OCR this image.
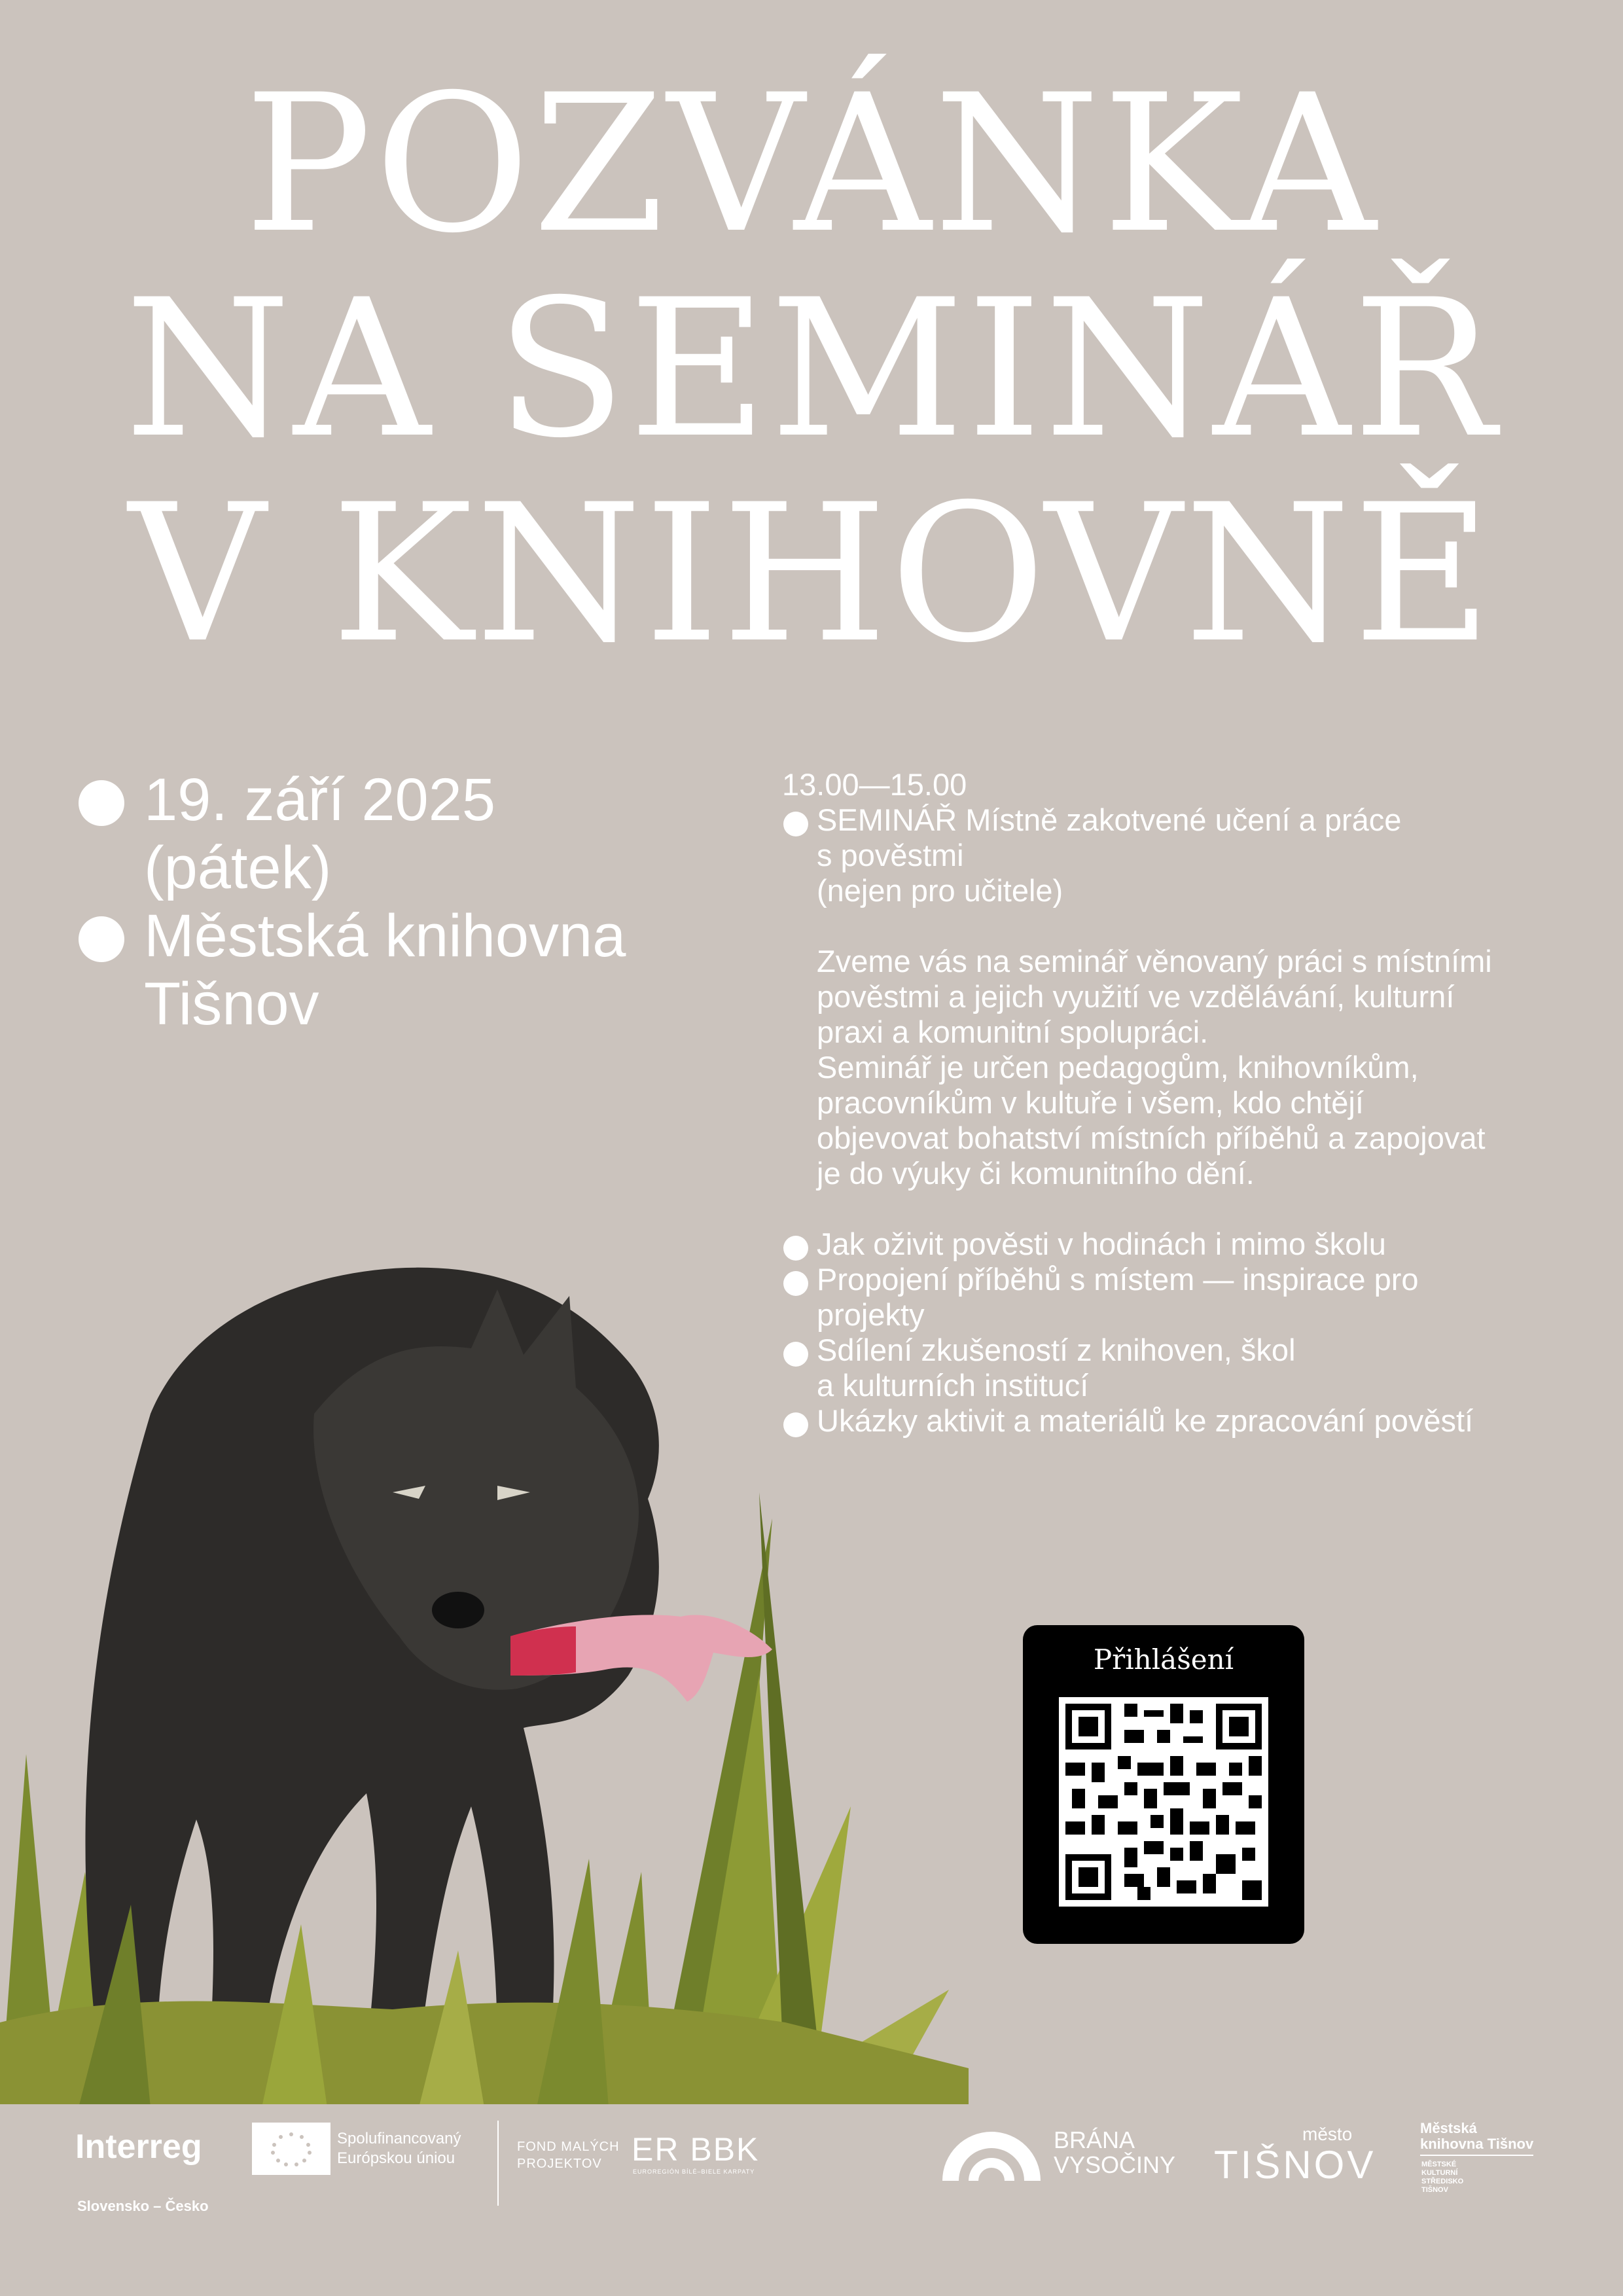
POZVÁNKA
NA SEMINÁŘ
V KNIHOVNĚ
19. září 2025
(pátek)
Městská knihovna
Tišnov
13.00—15.00
SEMINÁŘ Místně zakotvené učení a práce
s pověstmi
(nejen pro učitele)

Zveme vás na seminář věnovaný práci s místními

pověstmi a jejich využití ve vzdělávání, kulturní

praxi a komunitní spolupráci.

Seminář je určen pedagogům, knihovníkům,

pracovníkům v kultuře i všem, kdo chtějí

objevovat bohatství místních příběhů a zapojovat

je do výuky či komunitního dění.

Jak oživit pověsti v hodinách i mimo školu
Propojení příběhů s místem — inspirace pro
projekty
Sdílení zkušeností z knihoven, škol
a kulturních institucí
Ukázky aktivit a materiálů ke zpracování pověstí
Přihlášení
Interreg	Spolufinancovaný
Európskou úniou
Slovensko – Česko
FOND MALÝCH
PROJEKTOV ER BBK
EUROREGIÓN BÍLÉ–BIELE KARPATY
BRÁNA
VYSOČINY
město
TIŠNOV
Městská
knihovna Tišnov
MĚSTSKÉ
KULTURNÍ
STŘEDISKO
TIŠNOV
